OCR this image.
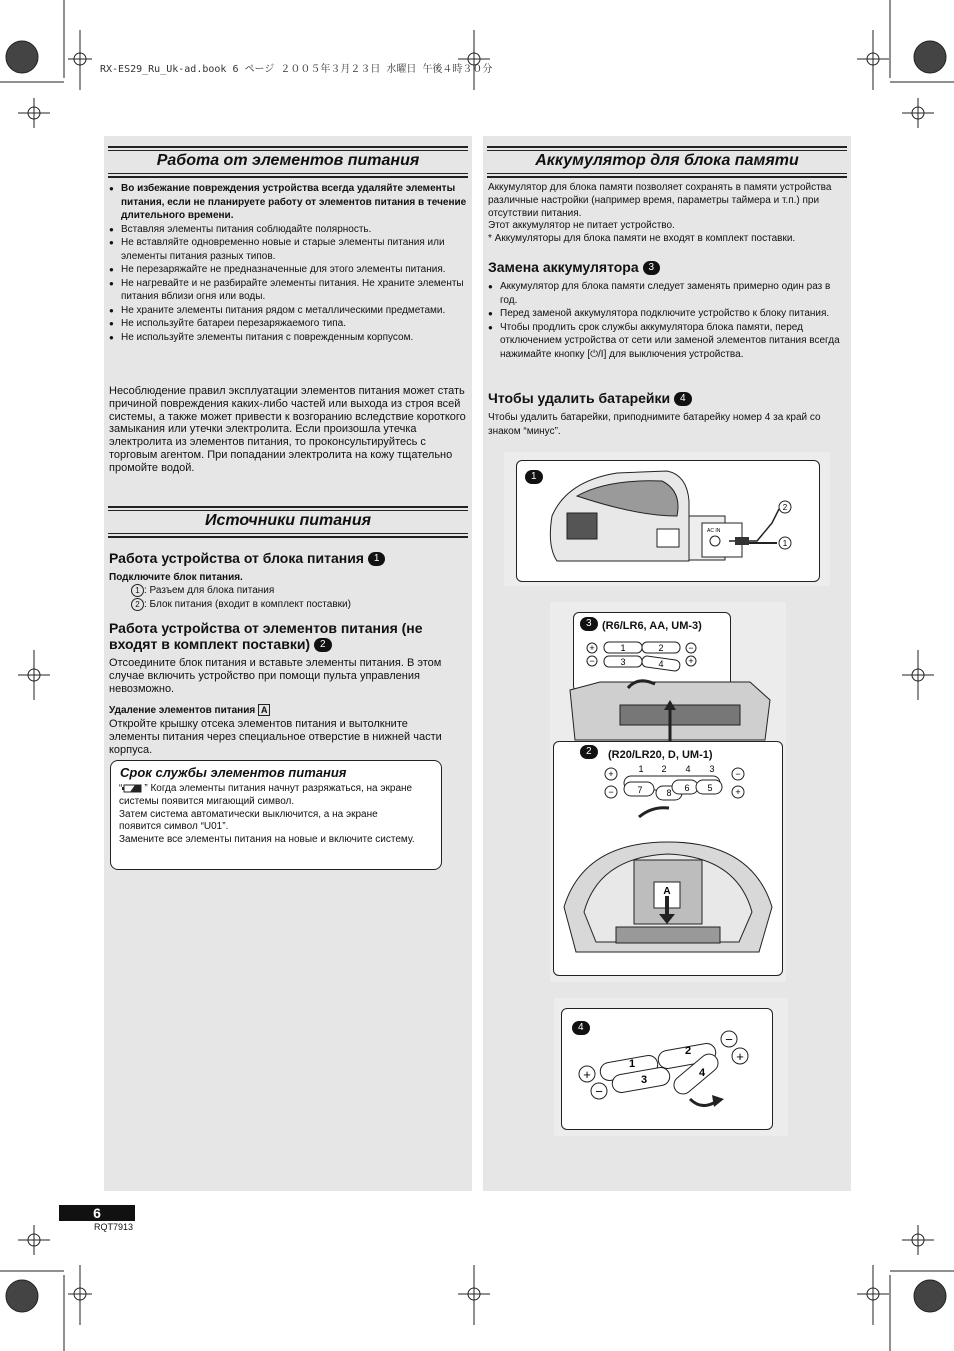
RX-ES29_Ru_Uk-ad.book 6 ページ ２００５年３月２３日 水曜日 午後４時３０分
Работа от элементов питания
● Во избежание повреждения устройства всегда удаляйте элементы питания, если не планируете работу от элементов питания в течение длительного времени.
● Вставляя элементы питания соблюдайте полярность.
● Не вставляйте одновременно новые и старые элементы питания или элементы питания разных типов.
● Не перезаряжайте не предназначенные для этого элементы питания.
● Не нагревайте и не разбирайте элементы питания. Не храните элементы питания вблизи огня или воды.
● Не храните элементы питания рядом с металлическими предметами.
● Не используйте батареи перезаряжаемого типа.
● Не используйте элементы питания с поврежденным корпусом.
Несоблюдение правил эксплуатации элементов питания может стать причиной повреждения каких-либо частей или выхода из строя всей системы, а также может привести к возгоранию вследствие короткого замыкания или утечки электролита. Если произошла утечка электролита из элементов питания, то проконсультируйтесь с торговым агентом. При попадании электролита на кожу тщательно промойте водой.
Источники питания
Работа устройства от блока питания 1
Подключите блок питания.
1 : Разъем для блока питания
2 : Блок питания (входит в комплект поставки)
Работа устройства от элементов питания (не входят в комплект поставки) 2
Отсоедините блок питания и вставьте элементы питания. В этом случае включить устройство при помощи пульта управления невозможно.
Удаление элементов питания A
Откройте крышку отсека элементов питания и вытолкните элементы питания через специальное отверстие в нижней части корпуса.
Срок службы элементов питания
“ ” Когда элементы питания начнут разряжаться, на экране системы появится мигающий символ.
Затем система автоматически выключится, а на экране появится символ “U01”.
Замените все элементы питания на новые и включите систему.
Аккумулятор для блока памяти
Аккумулятор для блока памяти позволяет сохранять в памяти устройства различные настройки (например время, параметры таймера и т.п.) при отсутствии питания.
Этот аккумулятор не питает устройство.
* Аккумуляторы для блока памяти не входят в комплект поставки.
Замена аккумулятора 3
● Аккумулятор для блока памяти следует заменять примерно один раз в год.
● Перед заменой аккумулятора подключите устройство к блоку питания.
● Чтобы продлить срок службы аккумулятора блока памяти, перед отключением устройства от сети или заменой элементов питания всегда нажимайте кнопку [⏻/I] для выключения устройства.
Чтобы удалить батарейки 4
Чтобы удалить батарейки, приподнимите батарейку номер 4 за край со знаком “минус”.
1
2
1
AC IN
3 (R6/LR6, AA, UM-3)
+
−
−
+
1	2
3	4
2	(R20/LR20, D, UM-1)
1 2 4 3
+
−
−
+
7	8 6 5
A
4
+
−
−
+
1
2
3
4
6
RQT7913
